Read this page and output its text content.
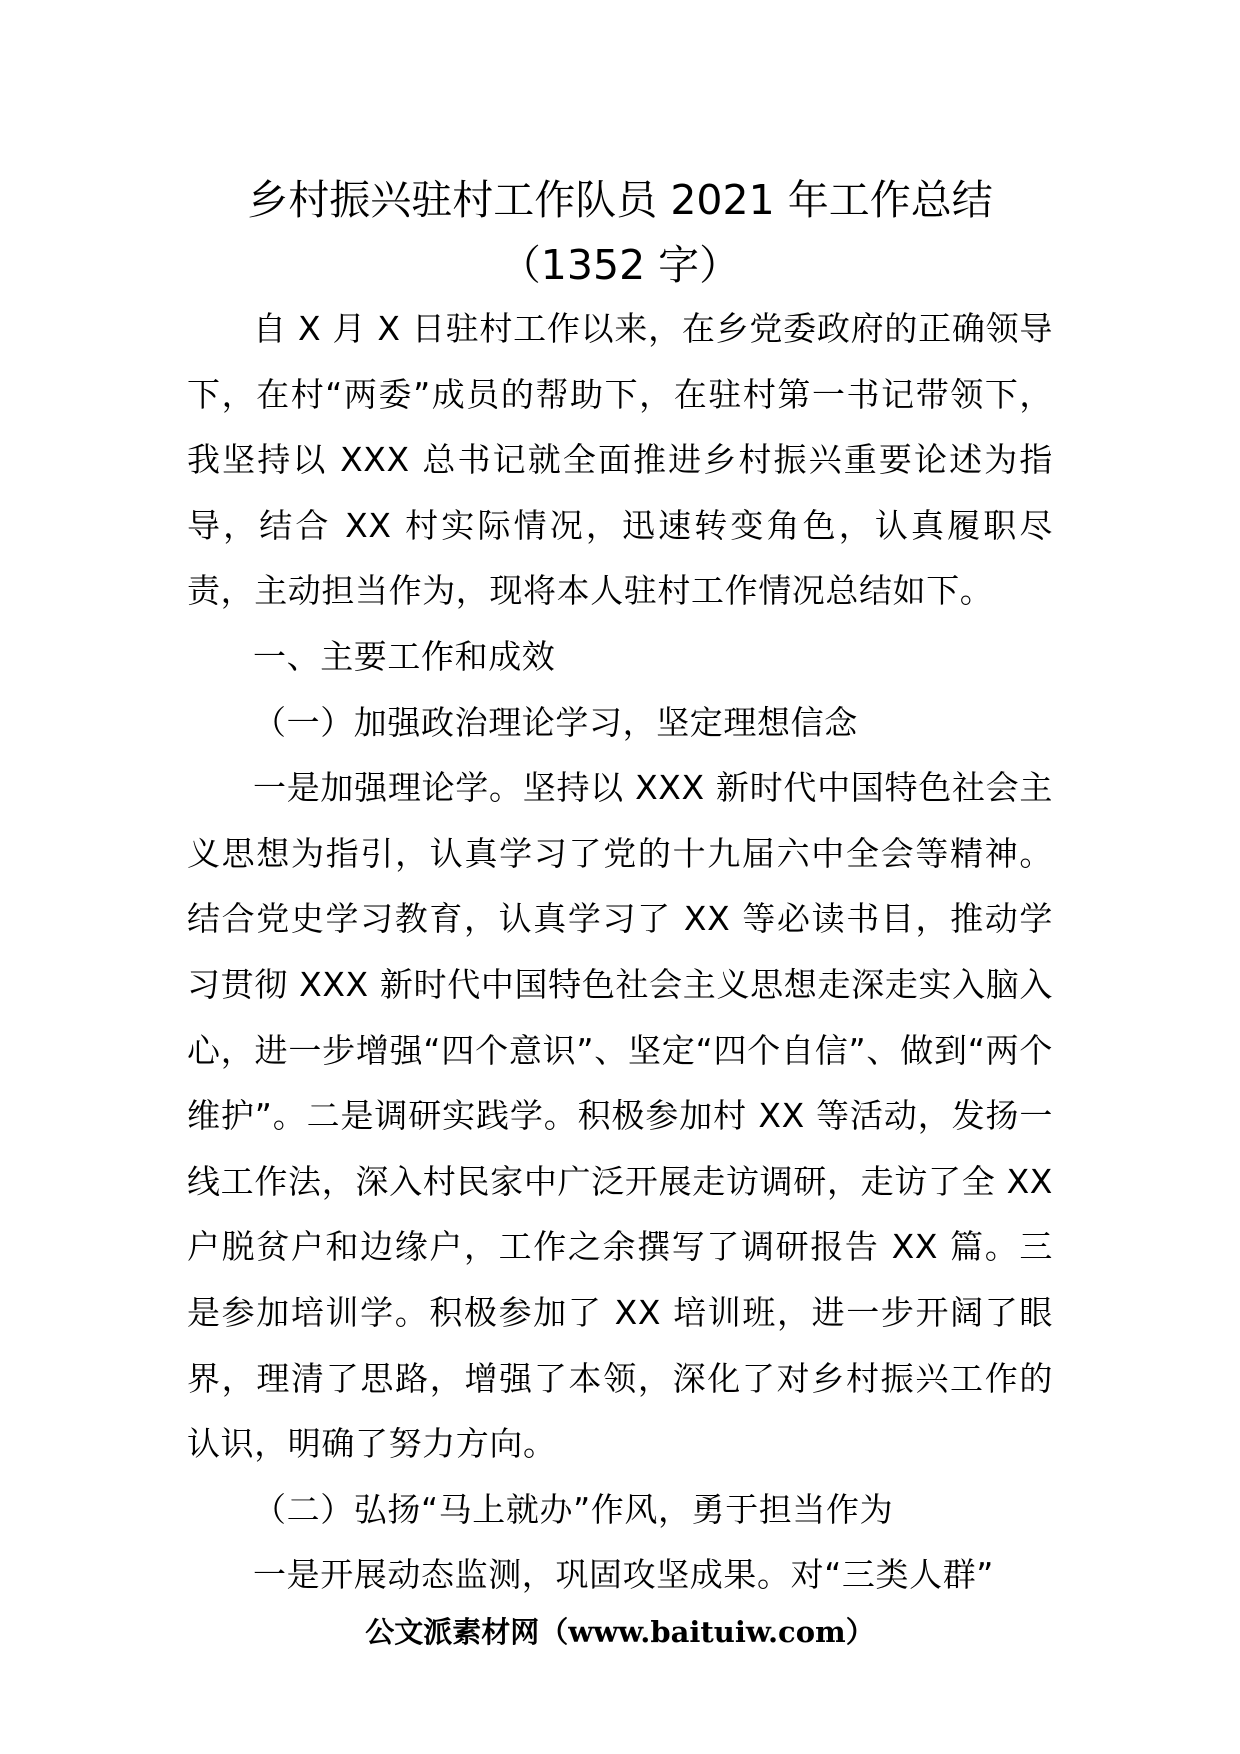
乡村振兴驻村工作队员 2021 年工作总结
（1352 字）

自 X 月 X 日驻村工作以来，在乡党委政府的正确领导下，在村“两委”成员的帮助下，在驻村第一书记带领下，我坚持以 XXX 总书记就全面推进乡村振兴重要论述为指导，结合 XX 村实际情况，迅速转变角色，认真履职尽责，主动担当作为，现将本人驻村工作情况总结如下。

一、主要工作和成效

（一）加强政治理论学习，坚定理想信念

一是加强理论学。坚持以 XXX 新时代中国特色社会主义思想为指引，认真学习了党的十九届六中全会等精神。结合党史学习教育，认真学习了 XX 等必读书目，推动学习贯彻 XXX 新时代中国特色社会主义思想走深走实入脑入心，进一步增强“四个意识”、坚定“四个自信”、做到“两个维护”。二是调研实践学。积极参加村 XX 等活动，发扬一线工作法，深入村民家中广泛开展走访调研，走访了全 XX 户脱贫户和边缘户，工作之余撰写了调研报告 XX 篇。三是参加培训学。积极参加了 XX 培训班，进一步开阔了眼界，理清了思路，增强了本领，深化了对乡村振兴工作的认识，明确了努力方向。

（二）弘扬“马上就办”作风，勇于担当作为

一是开展动态监测，巩固攻坚成果。对“三类人群”

公文派素材网（www.baituiw.com）
